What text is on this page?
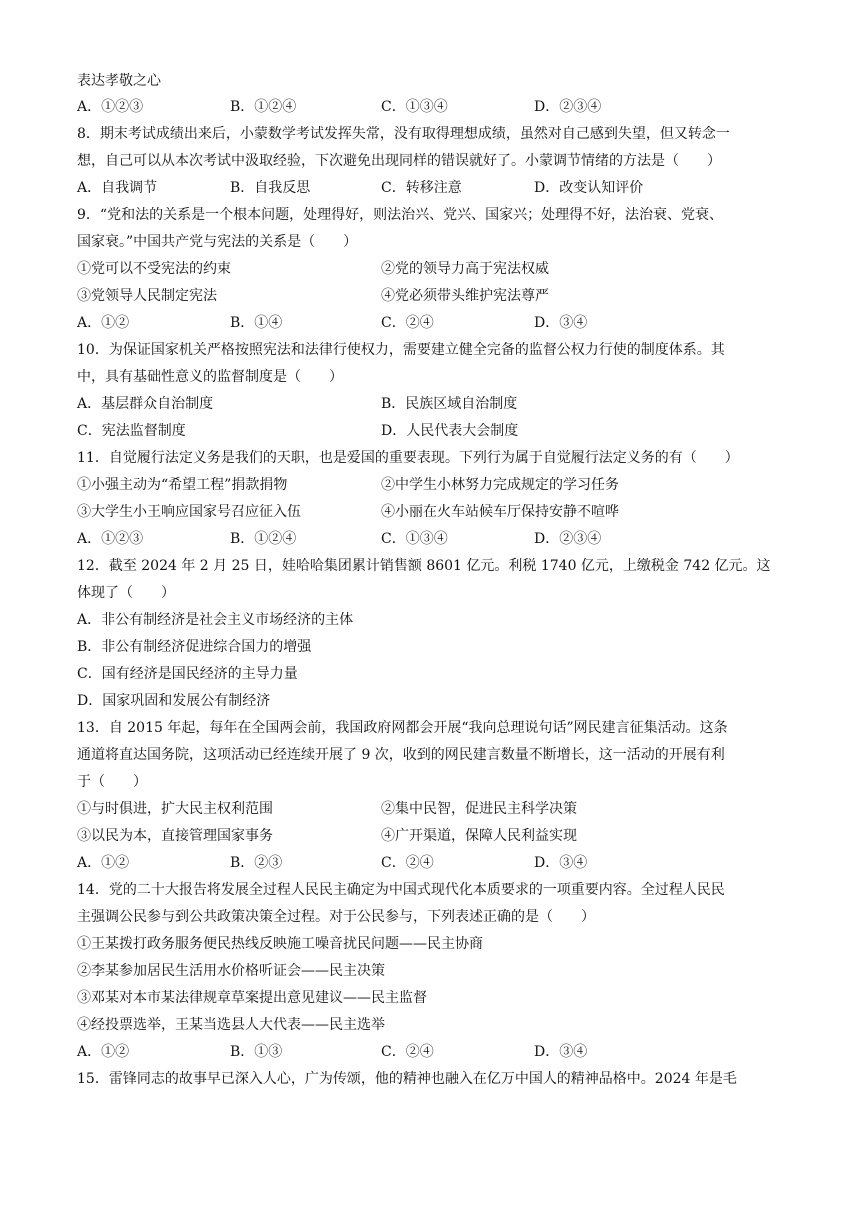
表达孝敬之心
A．①②③	B．①②④	C．①③④	D．②③④
8．期末考试成绩出来后，小蒙数学考试发挥失常，没有取得理想成绩，虽然对自己感到失望，但又转念一
想，自己可以从本次考试中汲取经验，下次避免出现同样的错误就好了。小蒙调节情绪的方法是（　　）
A．自我调节	B．自我反思	C．转移注意	D．改变认知评价
9．“党和法的关系是一个根本问题，处理得好，则法治兴、党兴、国家兴；处理得不好，法治衰、党衰、
国家衰。”中国共产党与宪法的关系是（　　）
①党可以不受宪法的约束	②党的领导力高于宪法权威
③党领导人民制定宪法	④党必须带头维护宪法尊严
A．①②	B．①④	C．②④	D．③④
10．为保证国家机关严格按照宪法和法律行使权力，需要建立健全完备的监督公权力行使的制度体系。其
中，具有基础性意义的监督制度是（　　）
A．基层群众自治制度	B．民族区域自治制度
C．宪法监督制度	D．人民代表大会制度
11．自觉履行法定义务是我们的天职，也是爱国的重要表现。下列行为属于自觉履行法定义务的有（　　）
①小强主动为“希望工程”捐款捐物	②中学生小林努力完成规定的学习任务
③大学生小王响应国家号召应征入伍	④小丽在火车站候车厅保持安静不喧哗
A．①②③	B．①②④	C．①③④	D．②③④
12．截至 2024 年 2 月 25 日，娃哈哈集团累计销售额 8601 亿元。利税 1740 亿元，上缴税金 742 亿元。这
体现了（　　）
A．非公有制经济是社会主义市场经济的主体
B．非公有制经济促进综合国力的增强
C．国有经济是国民经济的主导力量
D．国家巩固和发展公有制经济
13．自 2015 年起，每年在全国两会前，我国政府网都会开展“我向总理说句话”网民建言征集活动。这条
通道将直达国务院，这项活动已经连续开展了 9 次，收到的网民建言数量不断增长，这一活动的开展有利
于（　　）
①与时俱进，扩大民主权利范围	②集中民智，促进民主科学决策
③以民为本，直接管理国家事务	④广开渠道，保障人民利益实现
A．①②	B．②③	C．②④	D．③④
14．党的二十大报告将发展全过程人民民主确定为中国式现代化本质要求的一项重要内容。全过程人民民
主强调公民参与到公共政策决策全过程。对于公民参与，下列表述正确的是（　　）
①王某拨打政务服务便民热线反映施工噪音扰民问题——民主协商
②李某参加居民生活用水价格听证会——民主决策
③邓某对本市某法律规章草案提出意见建议——民主监督
④经投票选举，王某当选县人大代表——民主选举
A．①②	B．①③	C．②④	D．③④
15．雷锋同志的故事早已深入人心，广为传颂，他的精神也融入在亿万中国人的精神品格中。2024 年是毛
